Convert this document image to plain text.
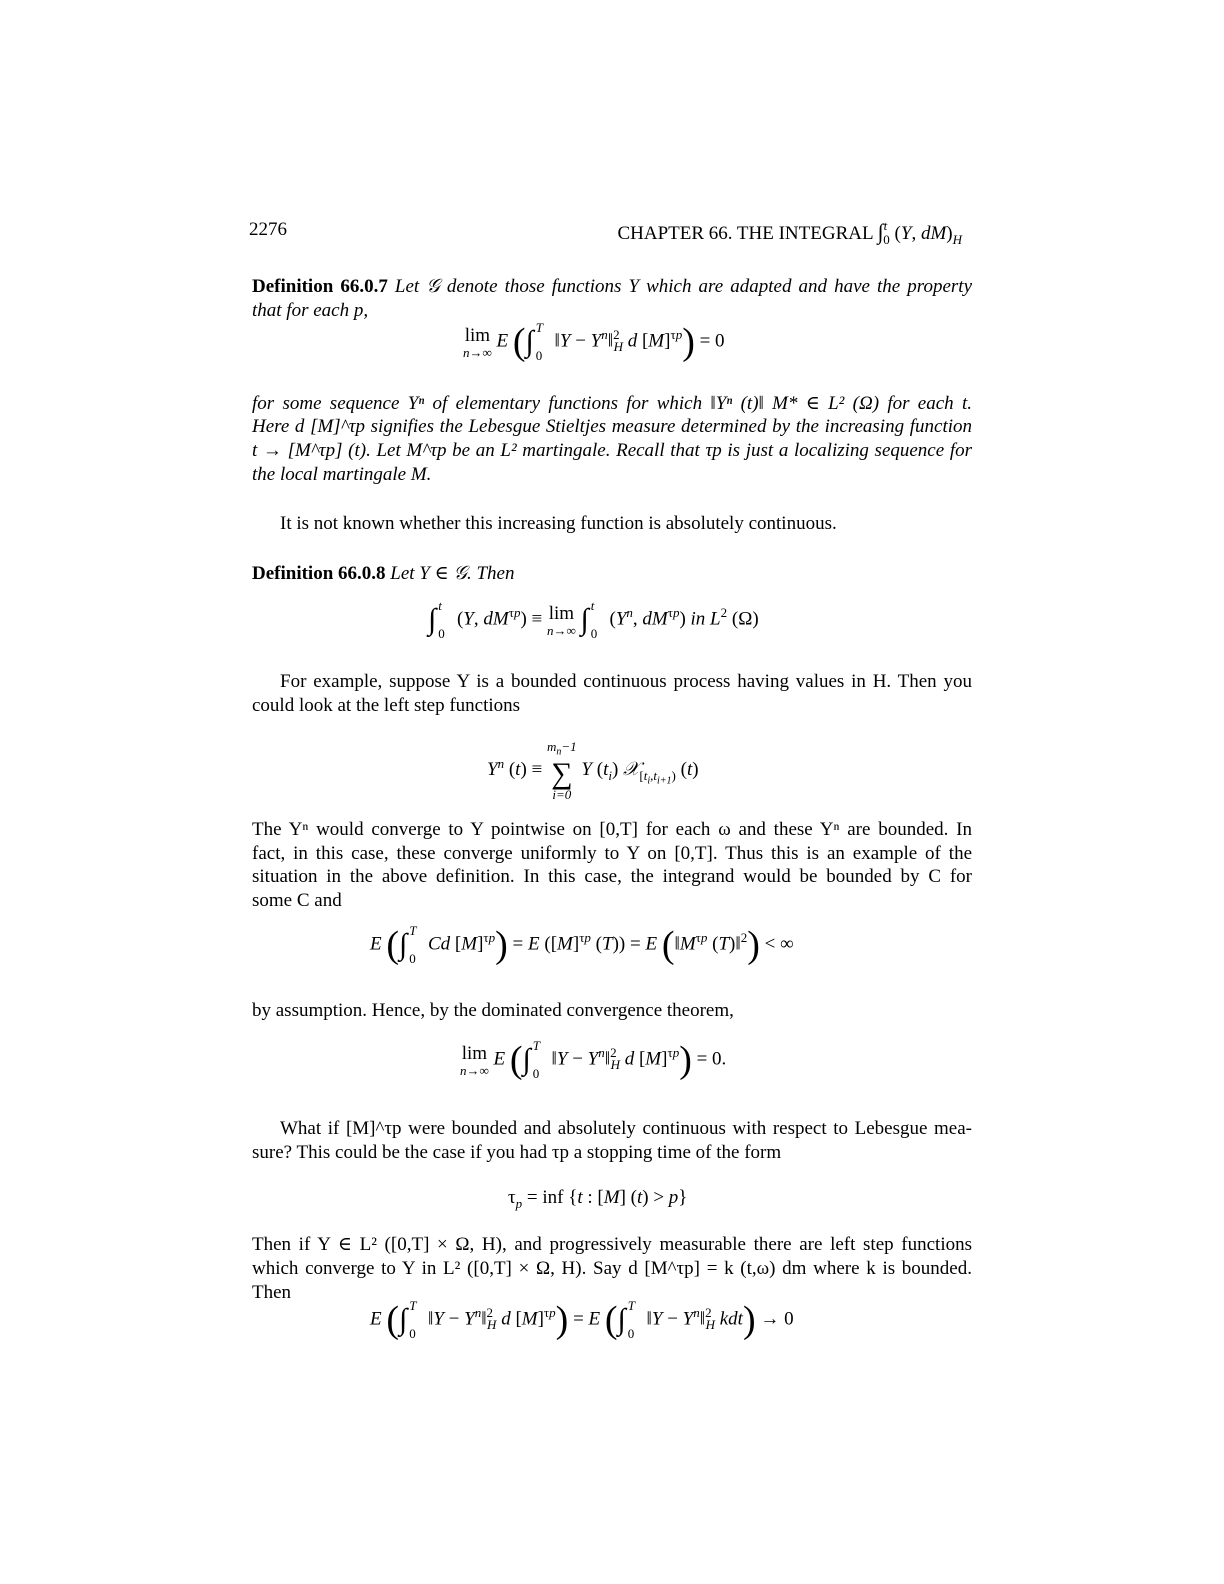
2276	CHAPTER 66. THE INTEGRAL ∫$^t_0$ (Y, $dM)_H$
Definition 66.0.7 Let 𝒢 denote those functions Y which are adapted and have the property
that for each p,
lim
n→∞
E (∫ T
0
‖Y − $Y^n‖^2_H$ d $[M]^{\tau p}) = 0$
for some sequence Yⁿ of elementary functions for which ‖Yⁿ (t)‖ M* ∈ L² (Ω) for each t.
Here d [M]^τp signifies the Lebesgue Stieltjes measure determined by the increasing function
t → [M^τp] (t). Let M^τp be an L² martingale. Recall that τp is just a localizing sequence for
the local martingale M.
It is not known whether this increasing function is absolutely continuous.
Definition 66.0.8 Let Y ∈ 𝒢. Then
∫ t
0
(Y, $dM^{\tau p}) \equiv \lim$
n→∞ ∫ t
0
($Y^n$, $dM^{\tau p}$) in $L^2$ (Ω)
For example, suppose Y is a bounded continuous process having values in H. Then you
could look at the left step functions
$Y^n$ (t) ≡
$m_n-1$
∑
i=0
Y $(t_i)$ 𝒳$_{[t_i,t_{i+1})}$ (t)
The Yⁿ would converge to Y pointwise on [0,T] for each ω and these Yⁿ are bounded. In
fact, in this case, these converge uniformly to Y on [0,T]. Thus this is an example of the
situation in the above definition. In this case, the integrand would be bounded by C for
some C and
E (∫ T
0
Cd $[M]^{\tau p}) = E$ ($[M]^{\tau p}$ (T)) = E ($‖M^{\tau p}$ (T)‖$^2$) < ∞
by assumption. Hence, by the dominated convergence theorem,
lim
n→∞
E (∫ T
0
‖Y − $Y^n‖^2_H$ d $[M]^{\tau p}) = 0$.
What if [M]^τp were bounded and absolutely continuous with respect to Lebesgue mea-
sure? This could be the case if you had τp a stopping time of the form
$\tau_p$ = inf {t : [M] (t) > p}
Then if Y ∈ L² ([0,T] × Ω, H), and progressively measurable there are left step functions
which converge to Y in L² ([0,T] × Ω, H). Say d [M^τp] = k (t,ω) dm where k is bounded.
Then
E (∫ T
0
‖Y − $Y^n‖^2_H$ d $[M]^{\tau p}) = E$ (∫ T
0
‖Y − $Y^n‖^2_H$ kdt) → 0
